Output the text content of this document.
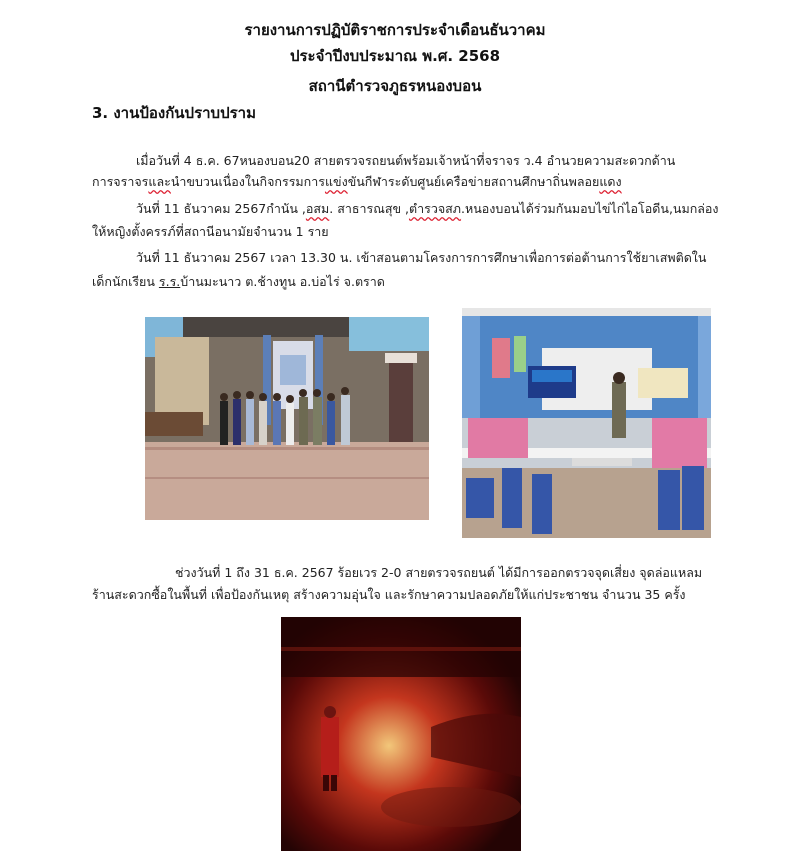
รายงานการปฏิบัติราชการประจำเดือนธันวาคม
ประจำปีงบประมาณ พ.ศ. 2568
สถานีตำรวจภูธรหนองบอน
3. งานป้องกันปราบปราม
เมื่อวันที่ 4 ธ.ค. 67หนองบอน20 สายตรวจรถยนต์พร้อมเจ้าหน้าที่จราจร ว.4 อำนวยความสะดวกด้าน
การจราจรและนำขบวนเนื่องในกิจกรรมการแข่งขันกีฬาระดับศูนย์เครือข่ายสถานศึกษาถิ่นพลอยแดง
วันที่ 11 ธันวาคม 2567กำนัน ,อสม. สาธารณสุข ,ตำรวจสภ.หนองบอนได้ร่วมกันมอบไข่ไก่ไอโอดีน,นมกล่อง
ให้หญิงตั้งครรภ์ที่สถานีอนามัยจำนวน 1 ราย
วันที่ 11 ธันวาคม 2567 เวลา 13.30 น. เข้าสอนตามโครงการการศึกษาเพื่อการต่อต้านการใช้ยาเสพติดใน
เด็กนักเรียน ร.ร.บ้านมะนาว ต.ช้างทูน อ.บ่อไร่ จ.ตราด
ช่วงวันที่ 1 ถึง 31 ธ.ค. 2567 ร้อยเวร 2-0 สายตรวจรถยนต์ ได้มีการออกตรวจจุดเสี่ยง จุดล่อแหลม
ร้านสะดวกซื้อในพื้นที่ เพื่อป้องกันเหตุ สร้างความอุ่นใจ และรักษาความปลอดภัยให้แก่ประชาชน จำนวน 35 ครั้ง
